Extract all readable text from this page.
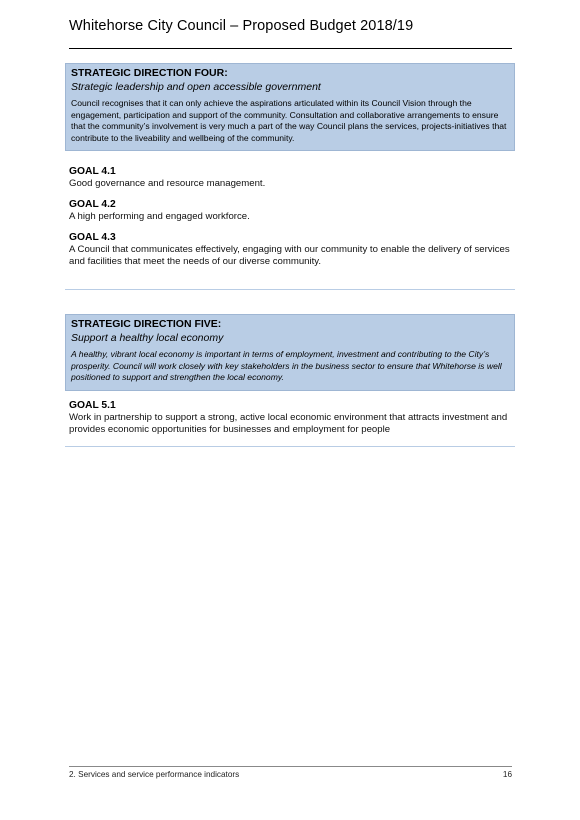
Whitehorse City Council – Proposed Budget 2018/19
STRATEGIC DIRECTION FOUR:
Strategic leadership and open accessible government
Council recognises that it can only achieve the aspirations articulated within its Council Vision through the engagement, participation and support of the community. Consultation and collaborative arrangements to ensure that the community’s involvement is very much a part of the way Council plans the services, projects-initiatives that contribute to the liveability and wellbeing of the community.
GOAL 4.1
Good governance and resource management.
GOAL 4.2
A high performing and engaged workforce.
GOAL 4.3
A Council that communicates effectively, engaging with our community to enable the delivery of services and facilities that meet the needs of our diverse community.
STRATEGIC DIRECTION FIVE:
Support a healthy local economy
A healthy, vibrant local economy is important in terms of employment, investment and contributing to the City’s prosperity. Council will work closely with key stakeholders in the business sector to ensure that Whitehorse is well positioned to support and strengthen the local economy.
GOAL 5.1
Work in partnership to support a strong, active local economic environment that attracts investment and provides economic opportunities for businesses and employment for people
2. Services and service performance indicators	16
